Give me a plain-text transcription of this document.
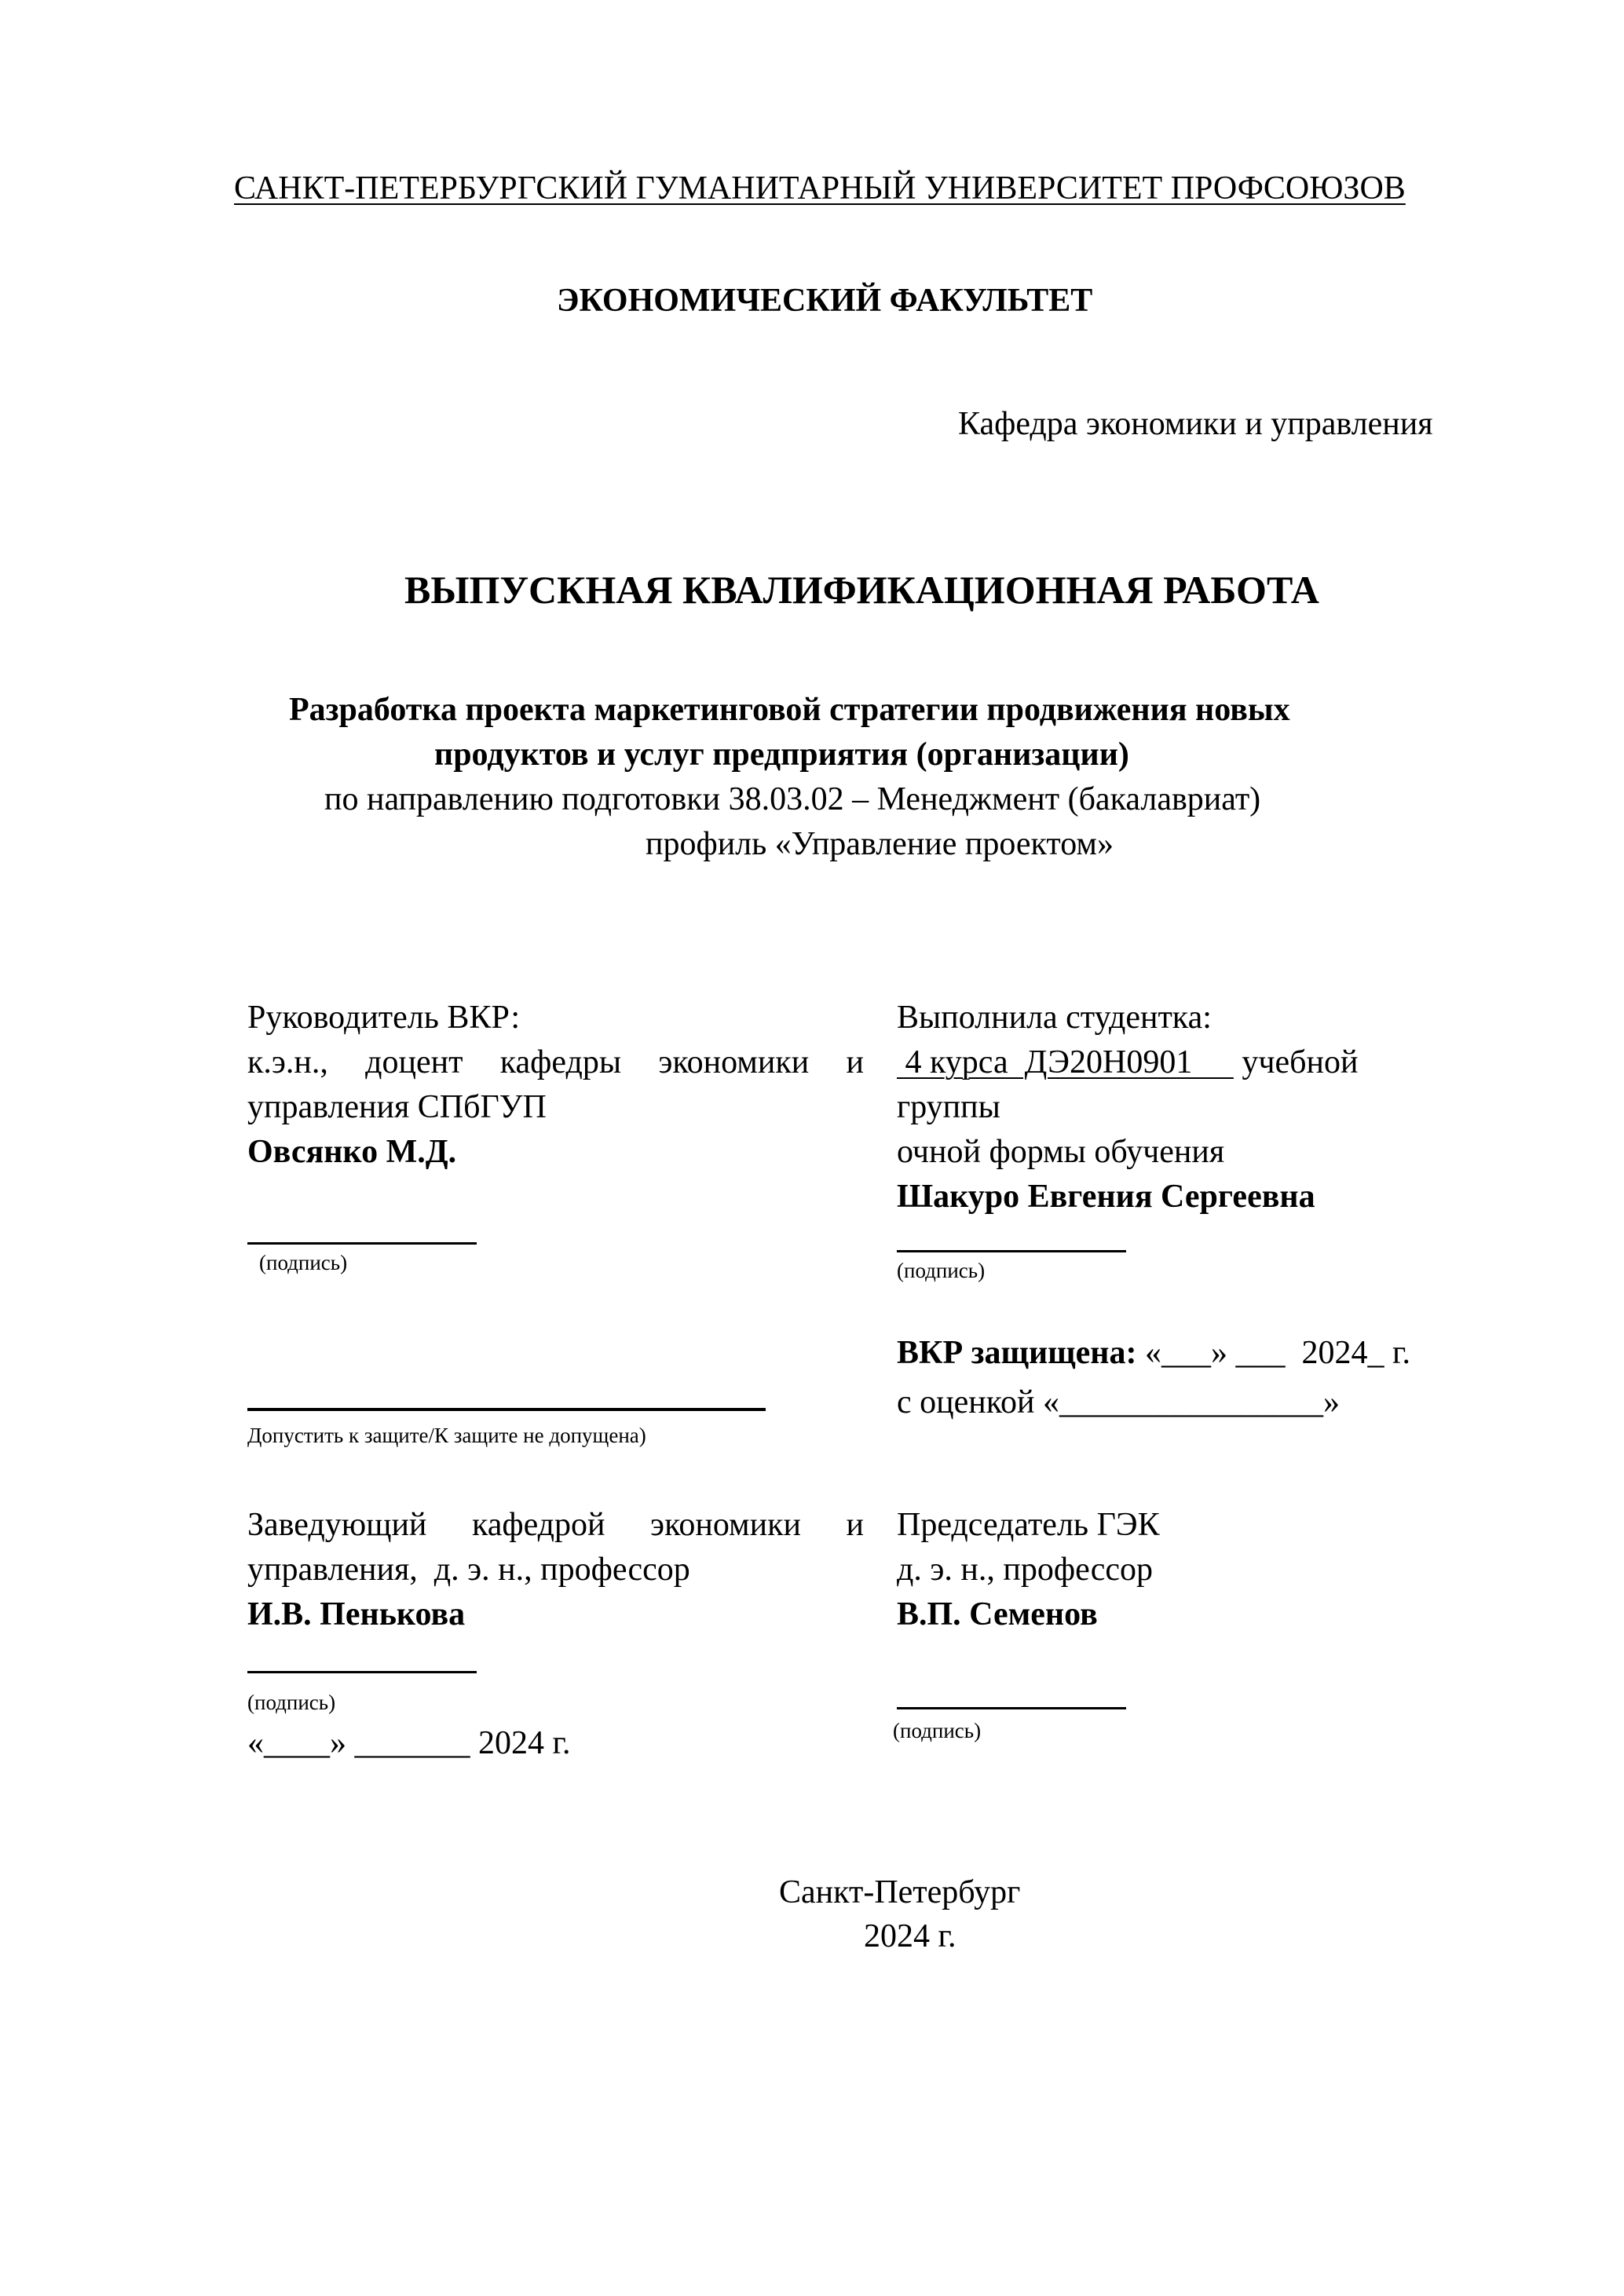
САНКТ-ПЕТЕРБУРГСКИЙ ГУМАНИТАРНЫЙ УНИВЕРСИТЕТ ПРОФСОЮЗОВ
ЭКОНОМИЧЕСКИЙ ФАКУЛЬТЕТ
Кафедра экономики и управления
ВЫПУСКНАЯ КВАЛИФИКАЦИОННАЯ РАБОТА
Разработка проекта маркетинговой стратегии продвижения новых
продуктов и услуг предприятия (организации)
по направлению подготовки 38.03.02 – Менеджмент (бакалавриат)
профиль «Управление проектом»
Руководитель ВКР:
к.э.н., доцент кафедры экономики и
управления СПбГУП
Овсянко М.Д.
(подпись)
Выполнила студентка:
4 курса  ДЭ20Н0901      учебной
группы
очной формы обучения
Шакуро Евгения Сергеевна
(подпись)
Допустить к защите/К защите не допущена)
ВКР защищена: «___» ___  2024_ г.
с оценкой «________________»
Заведующий кафедрой экономики и
управления,  д. э. н., профессор
И.В. Пенькова
(подпись)
«____» _______ 2024 г.
Председатель ГЭК
д. э. н., профессор
В.П. Семенов
(подпись)
Санкт-Петербург
2024 г.
